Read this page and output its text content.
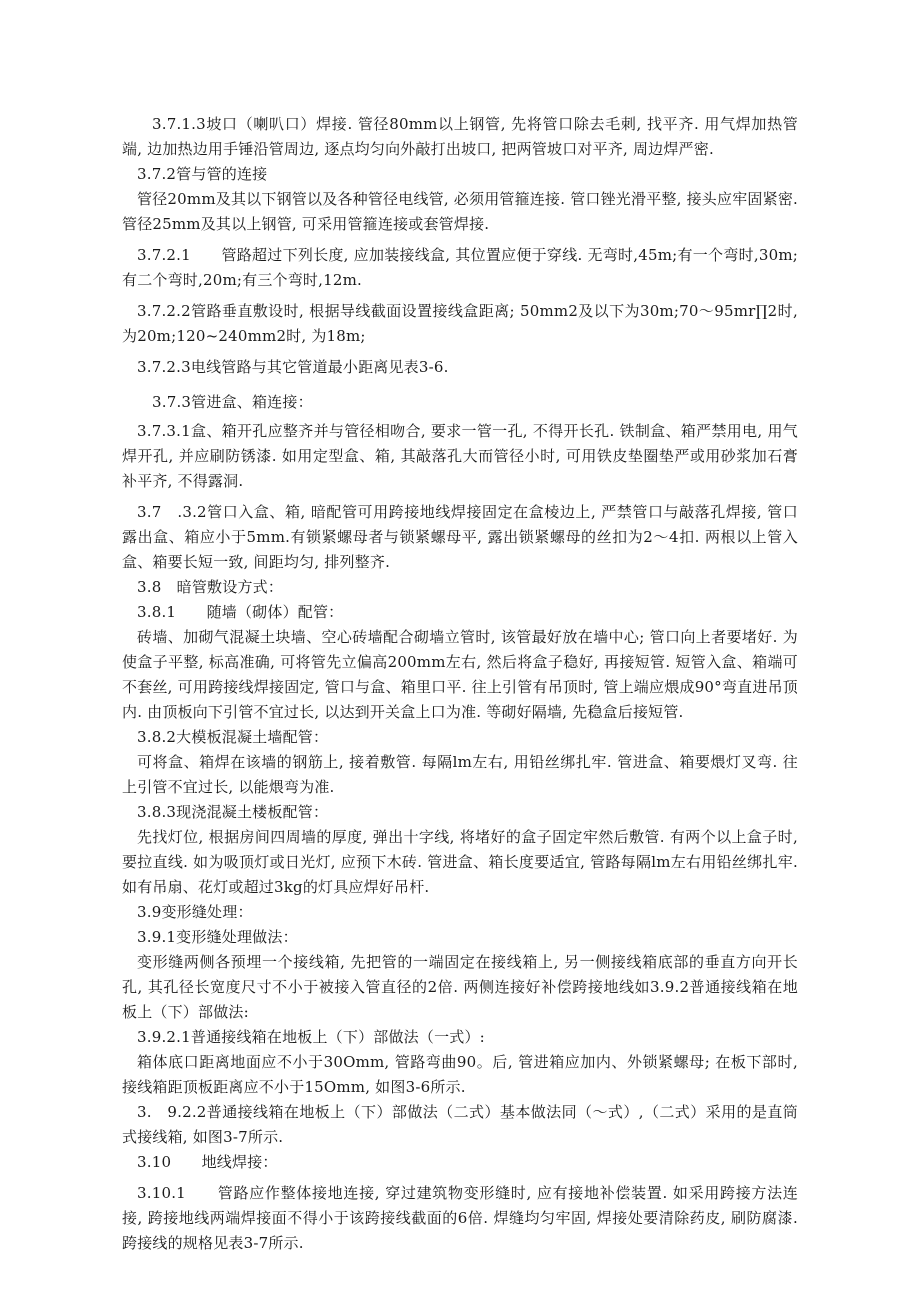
3.7.1.3坡口（喇叭口）焊接. 管径80mm以上钢管, 先将管口除去毛刺, 找平齐. 用气焊加热管端, 边加热边用手锤沿管周边, 逐点均匀向外敲打出坡口, 把两管坡口对平齐, 周边焊严密.

3.7.2管与管的连接

管径20mm及其以下钢管以及各种管径电线管, 必须用管箍连接. 管口锉光滑平整, 接头应牢固紧密. 管径25mm及其以上钢管, 可采用管箍连接或套管焊接.

3.7.2.1　　管路超过下列长度, 应加装接线盒, 其位置应便于穿线. 无弯时,45m;有一个弯时,30m;有二个弯时,20m;有三个弯时,12m.

3.7.2.2管路垂直敷设时, 根据导线截面设置接线盒距离; 50mm2及以下为30m;70～95mr∏2时, 为20m;120~240mm2时, 为18m;

3.7.2.3电线管路与其它管道最小距离见表3-6.

3.7.3管进盒、箱连接：

3.7.3.1盒、箱开孔应整齐并与管径相吻合, 要求一管一孔, 不得开长孔. 铁制盒、箱严禁用电, 用气焊开孔, 并应刷防锈漆. 如用定型盒、箱, 其敲落孔大而管径小时, 可用铁皮垫圈垫严或用砂浆加石膏补平齐, 不得露洞.

3.7　.3.2管口入盒、箱, 暗配管可用跨接地线焊接固定在盒棱边上, 严禁管口与敲落孔焊接, 管口露出盒、箱应小于5mm.有锁紧螺母者与锁紧螺母平, 露出锁紧螺母的丝扣为2～4扣. 两根以上管入盒、箱要长短一致, 间距均匀, 排列整齐.

3.8　暗管敷设方式：

3.8.1　　随墙（砌体）配管：

砖墙、加砌气混凝土块墙、空心砖墙配合砌墙立管时, 该管最好放在墙中心; 管口向上者要堵好. 为使盒子平整, 标高准确, 可将管先立偏高200mm左右, 然后将盒子稳好, 再接短管. 短管入盒、箱端可不套丝, 可用跨接线焊接固定, 管口与盒、箱里口平. 往上引管有吊顶时, 管上端应煨成90°弯直进吊顶内. 由顶板向下引管不宜过长, 以达到开关盒上口为准. 等砌好隔墙, 先稳盒后接短管.

3.8.2大模板混凝土墙配管：

可将盒、箱焊在该墙的钢筋上, 接着敷管. 每隔lm左右, 用铅丝绑扎牢. 管进盒、箱要煨灯叉弯. 往上引管不宜过长, 以能煨弯为准.

3.8.3现浇混凝土楼板配管：

先找灯位, 根据房间四周墙的厚度, 弹出十字线, 将堵好的盒子固定牢然后敷管. 有两个以上盒子时, 要拉直线. 如为吸顶灯或日光灯, 应预下木砖. 管进盒、箱长度要适宜, 管路每隔lm左右用铅丝绑扎牢. 如有吊扇、花灯或超过3kg的灯具应焊好吊杆.

3.9变形缝处理：

3.9.1变形缝处理做法：

变形缝两侧各预埋一个接线箱, 先把管的一端固定在接线箱上, 另一侧接线箱底部的垂直方向开长孔, 其孔径长宽度尺寸不小于被接入管直径的2倍. 两侧连接好补偿跨接地线如3.9.2普通接线箱在地板上（下）部做法:

3.9.2.1普通接线箱在地板上（下）部做法（一式）:

箱体底口距离地面应不小于30Omm, 管路弯曲90。后, 管进箱应加内、外锁紧螺母; 在板下部时, 接线箱距顶板距离应不小于15Omm, 如图3-6所示.

3.　9.2.2普通接线箱在地板上（下）部做法（二式）基本做法同（～式）,（二式）采用的是直筒式接线箱, 如图3-7所示.

3.10　　地线焊接：

3.10.1　　管路应作整体接地连接, 穿过建筑物变形缝时, 应有接地补偿装置. 如采用跨接方法连接, 跨接地线两端焊接面不得小于该跨接线截面的6倍. 焊缝均匀牢固, 焊接处要清除药皮, 刷防腐漆. 跨接线的规格见表3-7所示.
